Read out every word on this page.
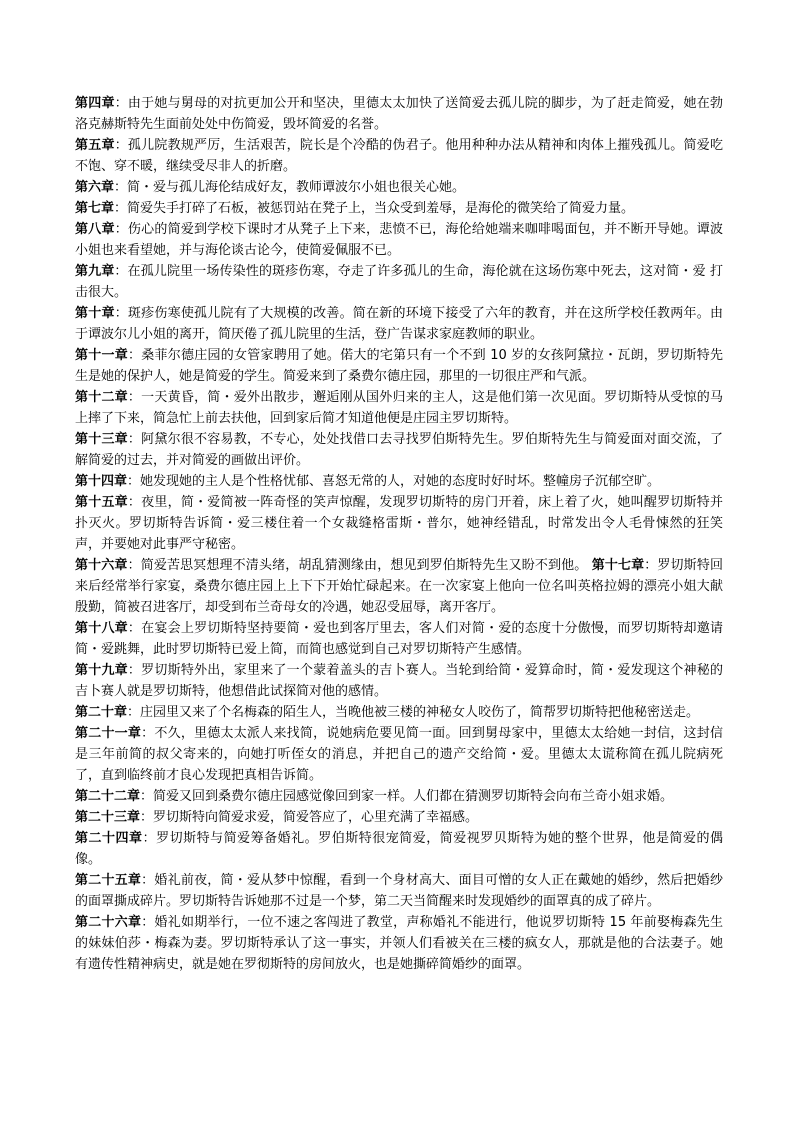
第四章：由于她与舅母的对抗更加公开和坚决，里德太太加快了送简爱去孤儿院的脚步，为了赶走简爱，她在勃洛克赫斯特先生面前处处中伤简爱，毁坏简爱的名誉。

第五章：孤儿院教规严厉，生活艰苦，院长是个冷酷的伪君子。他用种种办法从精神和肉体上摧残孤儿。简爱吃不饱、穿不暖，继续受尽非人的折磨。

第六章：简・爱与孤儿海伦结成好友，教师谭波尔小姐也很关心她。

第七章：简爱失手打碎了石板，被惩罚站在凳子上，当众受到羞辱，是海伦的微笑给了简爱力量。

第八章：伤心的简爱到学校下课时才从凳子上下来，悲愤不已，海伦给她端来咖啡喝面包，并不断开导她。谭波小姐也来看望她，并与海伦谈古论今，使简爱佩服不已。

第九章：在孤儿院里一场传染性的斑疹伤寒，夺走了许多孤儿的生命，海伦就在这场伤寒中死去，这对简・爱 打击很大。

第十章：斑疹伤寒使孤儿院有了大规模的改善。简在新的环境下接受了六年的教育，并在这所学校任教两年。由于谭波尔儿小姐的离开，简厌倦了孤儿院里的生活，登广告谋求家庭教师的职业。

第十一章：桑菲尔德庄园的女管家聘用了她。偌大的宅第只有一个不到 10 岁的女孩阿黛拉・瓦朗，罗切斯特先生是她的保护人，她是简爱的学生。简爱来到了桑费尔德庄园，那里的一切很庄严和气派。

第十二章：一天黄昏，简・爱外出散步，邂逅刚从国外归来的主人，这是他们第一次见面。罗切斯特从受惊的马上摔了下来，简急忙上前去扶他，回到家后简才知道他便是庄园主罗切斯特。

第十三章：阿黛尔很不容易教，不专心，处处找借口去寻找罗伯斯特先生。罗伯斯特先生与简爱面对面交流，了解简爱的过去，并对简爱的画做出评价。

第十四章：她发现她的主人是个性格忧郁、喜怒无常的人，对她的态度时好时坏。整幢房子沉郁空旷。

第十五章：夜里，简・爱简被一阵奇怪的笑声惊醒，发现罗切斯特的房门开着，床上着了火，她叫醒罗切斯特并扑灭火。罗切斯特告诉简・爱三楼住着一个女裁缝格雷斯・普尔，她神经错乱，时常发出令人毛骨悚然的狂笑声，并要她对此事严守秘密。

第十六章：简爱苦思冥想理不清头绪，胡乱猜测缘由，想见到罗伯斯特先生又盼不到他。 第十七章：罗切斯特回来后经常举行家宴，桑费尔德庄园上上下下开始忙碌起来。在一次家宴上他向一位名叫英格拉姆的漂亮小姐大献殷勤，简被召进客厅，却受到布兰奇母女的冷遇，她忍受屈辱，离开客厅。

第十八章：在宴会上罗切斯特坚持要简・爱也到客厅里去，客人们对简・爱的态度十分傲慢，而罗切斯特却邀请简・爱跳舞，此时罗切斯特已爱上简，而简也感觉到自己对罗切斯特产生感情。

第十九章：罗切斯特外出，家里来了一个蒙着盖头的吉卜赛人。当轮到给简・爱算命时，简・爱发现这个神秘的吉卜赛人就是罗切斯特，他想借此试探简对他的感情。

第二十章：庄园里又来了个名梅森的陌生人，当晚他被三楼的神秘女人咬伤了，简帮罗切斯特把他秘密送走。

第二十一章：不久，里德太太派人来找简，说她病危要见简一面。回到舅母家中，里德太太给她一封信，这封信是三年前简的叔父寄来的，向她打听侄女的消息，并把自己的遗产交给简・爱。里德太太谎称简在孤儿院病死了，直到临终前才良心发现把真相告诉简。

第二十二章：简爱又回到桑费尔德庄园感觉像回到家一样。人们都在猜测罗切斯特会向布兰奇小姐求婚。

第二十三章：罗切斯特向简爱求爱，简爱答应了，心里充满了幸福感。

第二十四章：罗切斯特与简爱筹备婚礼。罗伯斯特很宠简爱，简爱视罗贝斯特为她的整个世界，他是简爱的偶像。

第二十五章：婚礼前夜，简・爱从梦中惊醒，看到一个身材高大、面目可憎的女人正在戴她的婚纱，然后把婚纱的面罩撕成碎片。罗切斯特告诉她那不过是一个梦，第二天当简醒来时发现婚纱的面罩真的成了碎片。

第二十六章：婚礼如期举行，一位不速之客闯进了教堂，声称婚礼不能进行，他说罗切斯特 15 年前娶梅森先生的妹妹伯莎・梅森为妻。罗切斯特承认了这一事实，并领人们看被关在三楼的疯女人，那就是他的合法妻子。她有遗传性精神病史，就是她在罗彻斯特的房间放火，也是她撕碎简婚纱的面罩。
